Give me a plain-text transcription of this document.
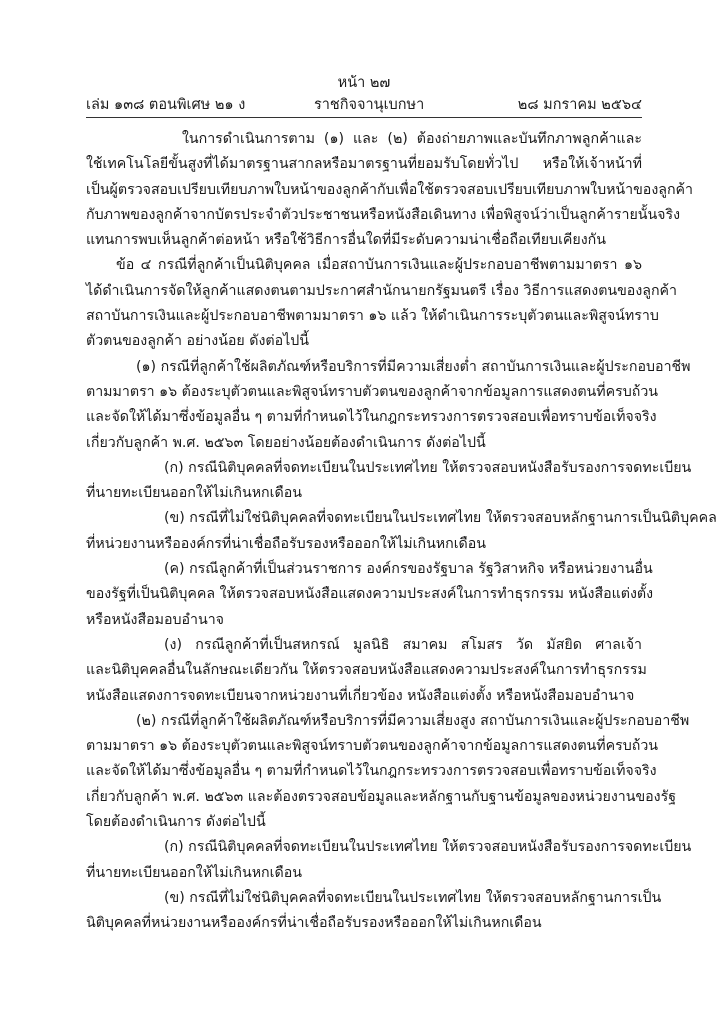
หน้า ๒๗
เล่ม ๑๓๘ ตอนพิเศษ ๒๑ ง	ราชกิจจานุเบกษา	๒๘ มกราคม ๒๕๖๔
ในการดำเนินการตาม (๑) และ (๒) ต้องถ่ายภาพและบันทึกภาพลูกค้าและ
ใช้เทคโนโลยีขั้นสูงที่ได้มาตรฐานสากลหรือมาตรฐานที่ยอมรับโดยทั่วไป หรือให้เจ้าหน้าที่
เป็นผู้ตรวจสอบเปรียบเทียบภาพใบหน้าของลูกค้ากับเพื่อใช้ตรวจสอบเปรียบเทียบภาพใบหน้าของลูกค้า
กับภาพของลูกค้าจากบัตรประจำตัวประชาชนหรือหนังสือเดินทาง เพื่อพิสูจน์ว่าเป็นลูกค้ารายนั้นจริง
แทนการพบเห็นลูกค้าต่อหน้า หรือใช้วิธีการอื่นใดที่มีระดับความน่าเชื่อถือเทียบเคียงกัน
ข้อ ๔ กรณีที่ลูกค้าเป็นนิติบุคคล เมื่อสถาบันการเงินและผู้ประกอบอาชีพตามมาตรา ๑๖
ได้ดำเนินการจัดให้ลูกค้าแสดงตนตามประกาศสำนักนายกรัฐมนตรี เรื่อง วิธีการแสดงตนของลูกค้า
สถาบันการเงินและผู้ประกอบอาชีพตามมาตรา ๑๖ แล้ว ให้ดำเนินการระบุตัวตนและพิสูจน์ทราบ
ตัวตนของลูกค้า อย่างน้อย ดังต่อไปนี้
(๑) กรณีที่ลูกค้าใช้ผลิตภัณฑ์หรือบริการที่มีความเสี่ยงต่ำ สถาบันการเงินและผู้ประกอบอาชีพ
ตามมาตรา ๑๖ ต้องระบุตัวตนและพิสูจน์ทราบตัวตนของลูกค้าจากข้อมูลการแสดงตนที่ครบถ้วน
และจัดให้ได้มาซึ่งข้อมูลอื่น ๆ ตามที่กำหนดไว้ในกฎกระทรวงการตรวจสอบเพื่อทราบข้อเท็จจริง
เกี่ยวกับลูกค้า พ.ศ. ๒๕๖๓ โดยอย่างน้อยต้องดำเนินการ ดังต่อไปนี้
(ก) กรณีนิติบุคคลที่จดทะเบียนในประเทศไทย ให้ตรวจสอบหนังสือรับรองการจดทะเบียน
ที่นายทะเบียนออกให้ไม่เกินหกเดือน
(ข) กรณีที่ไม่ใช่นิติบุคคลที่จดทะเบียนในประเทศไทย ให้ตรวจสอบหลักฐานการเป็นนิติบุคคล
ที่หน่วยงานหรือองค์กรที่น่าเชื่อถือรับรองหรือออกให้ไม่เกินหกเดือน
(ค) กรณีลูกค้าที่เป็นส่วนราชการ องค์กรของรัฐบาล รัฐวิสาหกิจ หรือหน่วยงานอื่น
ของรัฐที่เป็นนิติบุคคล ให้ตรวจสอบหนังสือแสดงความประสงค์ในการทำธุรกรรม หนังสือแต่งตั้ง
หรือหนังสือมอบอำนาจ
(ง) กรณีลูกค้าที่เป็นสหกรณ์ มูลนิธิ สมาคม สโมสร วัด มัสยิด ศาลเจ้า
และนิติบุคคลอื่นในลักษณะเดียวกัน ให้ตรวจสอบหนังสือแสดงความประสงค์ในการทำธุรกรรม
หนังสือแสดงการจดทะเบียนจากหน่วยงานที่เกี่ยวข้อง หนังสือแต่งตั้ง หรือหนังสือมอบอำนาจ
(๒) กรณีที่ลูกค้าใช้ผลิตภัณฑ์หรือบริการที่มีความเสี่ยงสูง สถาบันการเงินและผู้ประกอบอาชีพ
ตามมาตรา ๑๖ ต้องระบุตัวตนและพิสูจน์ทราบตัวตนของลูกค้าจากข้อมูลการแสดงตนที่ครบถ้วน
และจัดให้ได้มาซึ่งข้อมูลอื่น ๆ ตามที่กำหนดไว้ในกฎกระทรวงการตรวจสอบเพื่อทราบข้อเท็จจริง
เกี่ยวกับลูกค้า พ.ศ. ๒๕๖๓ และต้องตรวจสอบข้อมูลและหลักฐานกับฐานข้อมูลของหน่วยงานของรัฐ
โดยต้องดำเนินการ ดังต่อไปนี้
(ก) กรณีนิติบุคคลที่จดทะเบียนในประเทศไทย ให้ตรวจสอบหนังสือรับรองการจดทะเบียน
ที่นายทะเบียนออกให้ไม่เกินหกเดือน
(ข) กรณีที่ไม่ใช่นิติบุคคลที่จดทะเบียนในประเทศไทย ให้ตรวจสอบหลักฐานการเป็น
นิติบุคคลที่หน่วยงานหรือองค์กรที่น่าเชื่อถือรับรองหรือออกให้ไม่เกินหกเดือน
